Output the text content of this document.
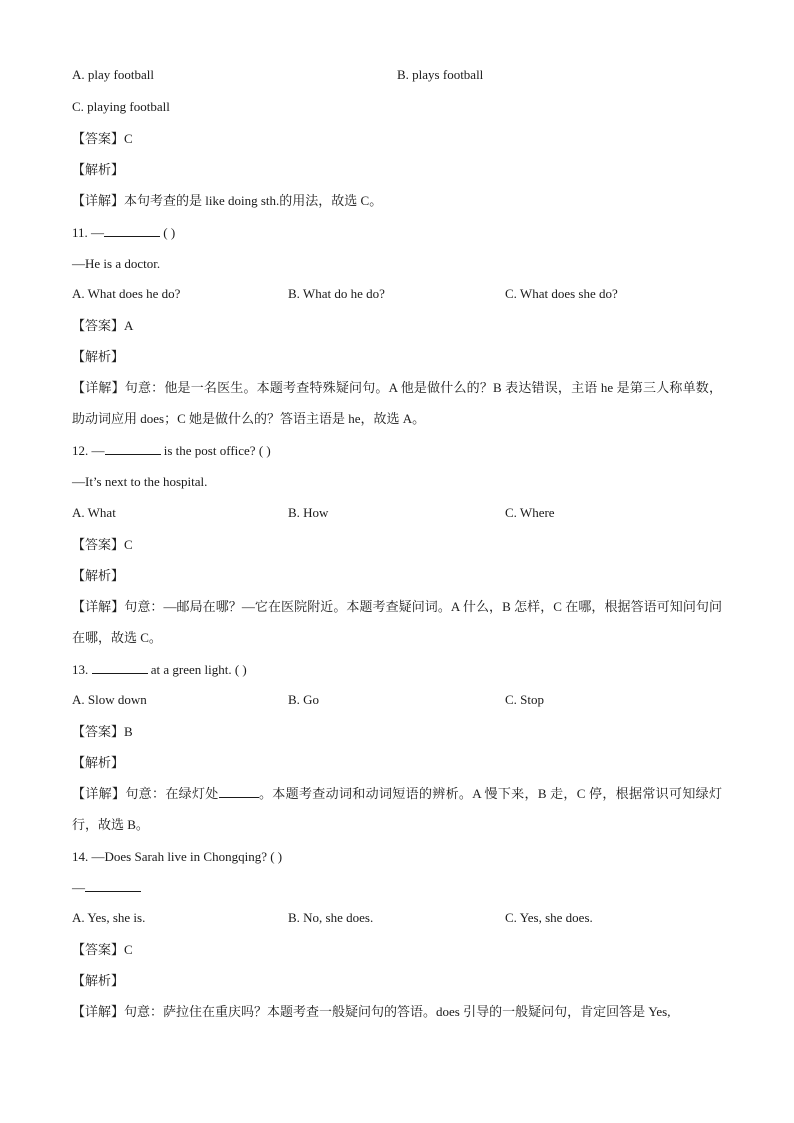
A. play football	B. plays football
C. playing football
【答案】C
【解析】
【详解】本句考查的是 like doing sth.的用法，故选 C。
11. —	( )
—He is a doctor.
A. What does he do?	B. What do he do?	C. What does she do?
【答案】A
【解析】
【详解】句意：他是一名医生。本题考查特殊疑问句。A 他是做什么的？B 表达错误，主语 he 是第三人称单数，助动词应用 does；C 她是做什么的？答语主语是 he，故选 A。
12. —	is the post office? ( )
—It’s next to the hospital.
A. What	B. How	C. Where
【答案】C
【解析】
【详解】句意：—邮局在哪？—它在医院附近。本题考查疑问词。A 什么，B 怎样，C 在哪，根据答语可知问句问在哪，故选 C。
13.	at a green light. ( )
A. Slow down	B. Go	C. Stop
【答案】B
【解析】
【详解】句意：在绿灯处	。本题考查动词和动词短语的辨析。A 慢下来，B 走，C 停，根据常识可知绿灯行，故选 B。
14. —Does Sarah live in Chongqing? ( )
—
A. Yes, she is.	B. No, she does.	C. Yes, she does.
【答案】C
【解析】
【详解】句意：萨拉住在重庆吗？本题考查一般疑问句的答语。does 引导的一般疑问句，肯定回答是 Yes,
